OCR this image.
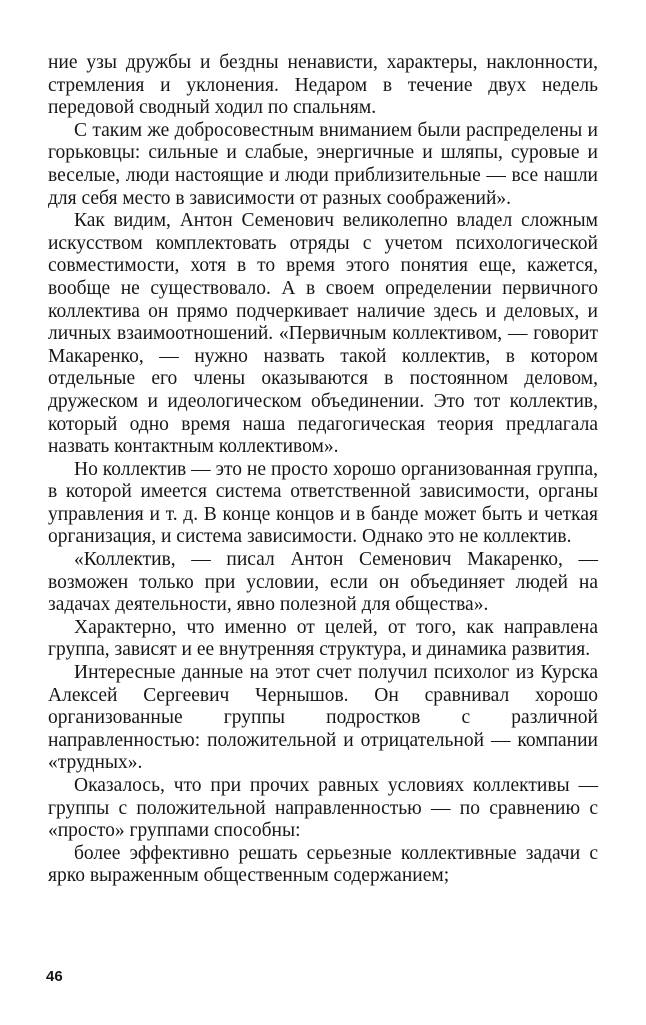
ние узы дружбы и бездны ненависти, характеры, наклонности, стремления и уклонения. Недаром в течение двух недель передовой сводный ходил по спальням.

С таким же добросовестным вниманием были распределены и горьковцы: сильные и слабые, энергичные и шляпы, суровые и веселые, люди настоящие и люди приблизительные — все нашли для себя место в зависимости от разных соображений».

Как видим, Антон Семенович великолепно владел сложным искусством комплектовать отряды с учетом психологической совместимости, хотя в то время этого понятия еще, кажется, вообще не существовало. А в своем определении первичного коллектива он прямо подчеркивает наличие здесь и деловых, и личных взаимоотношений. «Первичным коллективом, — говорит Макаренко, — нужно назвать такой коллектив, в котором отдельные его члены оказываются в постоянном деловом, дружеском и идеологическом объединении. Это тот коллектив, который одно время наша педагогическая теория предлагала назвать контактным коллективом».

Но коллектив — это не просто хорошо организованная группа, в которой имеется система ответственной зависимости, органы управления и т. д. В конце концов и в банде может быть и четкая организация, и система зависимости. Однако это не коллектив.

«Коллектив, — писал Антон Семенович Макаренко, — возможен только при условии, если он объединяет людей на задачах деятельности, явно полезной для общества».

Характерно, что именно от целей, от того, как направлена группа, зависят и ее внутренняя структура, и динамика развития.

Интересные данные на этот счет получил психолог из Курска Алексей Сергеевич Чернышов. Он сравнивал хорошо организованные группы подростков с различной направленностью: положительной и отрицательной — компании «трудных».

Оказалось, что при прочих равных условиях коллективы — группы с положительной направленностью — по сравнению с «просто» группами способны:

более эффективно решать серьезные коллективные задачи с ярко выраженным общественным содержанием;

46
